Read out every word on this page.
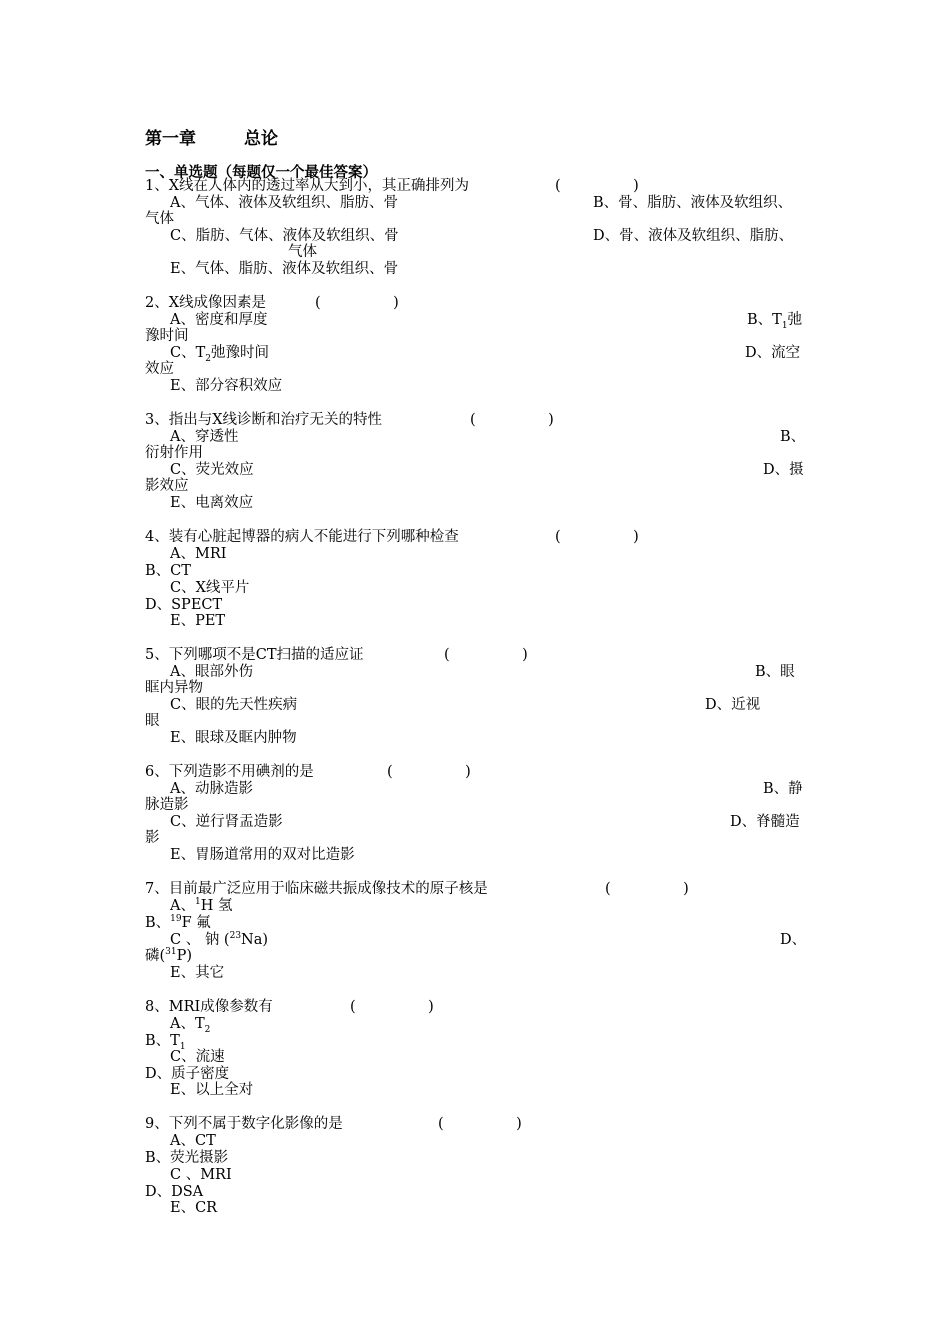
第一章	总论
一、单选题（每题仅一个最佳答案）
1、X线在人体内的透过率从大到小，其正确排列为	(　　　　　)
A、气体、液体及软组织、脂肪、骨	B、骨、脂肪、液体及软组织、
气体
C、脂肪、气体、液体及软组织、骨	D、骨、液体及软组织、脂肪、
气体
E、气体、脂肪、液体及软组织、骨
2、X线成像因素是	(　　　　　)
A、密度和厚度	B、$T_1$弛
豫时间
C、$T_2$弛豫时间	D、流空
效应
E、部分容积效应
3、指出与X线诊断和治疗无关的特性	(　　　　　)
A、穿透性	B、
衍射作用
C、荧光效应	D、摄
影效应
E、电离效应
4、装有心脏起博器的病人不能进行下列哪种检查	(　　　　　)
A、MRI
B、CT
C、X线平片
D、SPECT
E、PET
5、下列哪项不是CT扫描的适应证	(　　　　　)
A、眼部外伤	B、眼
眶内异物
C、眼的先天性疾病	D、近视
眼
E、眼球及眶内肿物
6、下列造影不用碘剂的是	(　　　　　)
A、动脉造影	B、静
脉造影
C、逆行肾盂造影	D、脊髓造
影
E、胃肠道常用的双对比造影
7、目前最广泛应用于临床磁共振成像技术的原子核是	(　　　　　)
A、$^1$H 氢
B、$^{19}$F 氟
C 、 钠 ($^{23}$Na)	D、
磷($^{31}$P)
E、其它
8、MRI成像参数有	(　　　　　)
A、$T_2$
B、$T_1$
C、流速
D、质子密度
E、以上全对
9、下列不属于数字化影像的是	(　　　　　)
A、CT
B、荧光摄影
C 、MRI
D、DSA
E、CR
